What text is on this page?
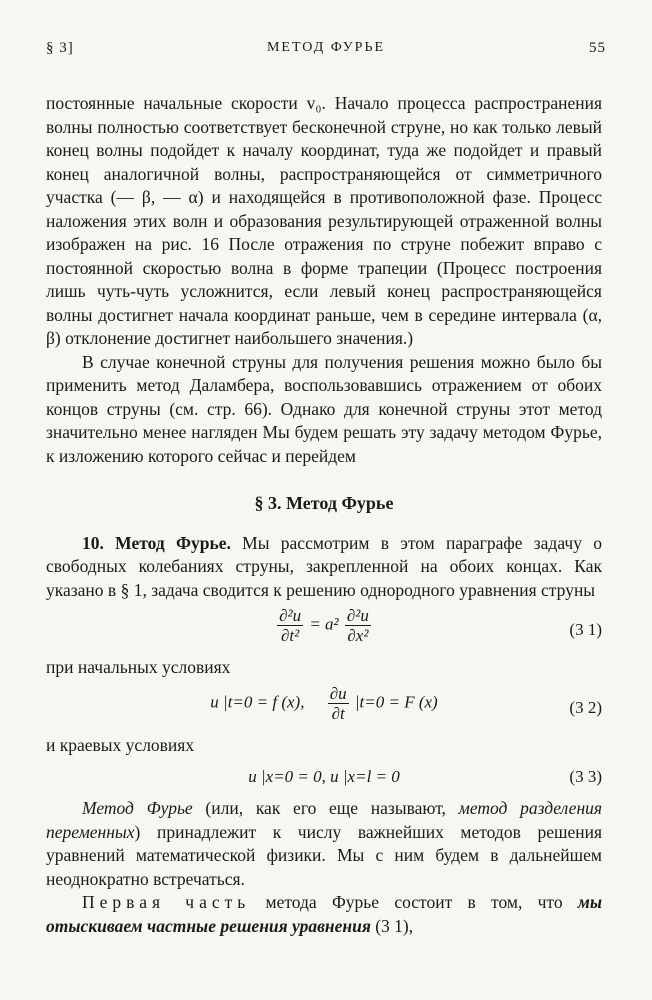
МЕТОД ФУРЬЕ
§ 3]	55

постоянные начальные скорости v₀. Начало процесса распространения волны полностью соответствует бесконечной струне, но как только левый конец волны подойдет к началу координат, туда же подойдет и правый конец аналогичной волны, распространяющейся от симметричного участка (— β, — α) и находящейся в противоположной фазе. Процесс наложения этих волн и образования результирующей отраженной волны изображен на рис. 16 После отражения по струне побежит вправо с постоянной скоростью волна в форме трапеции (Процесс построения лишь чуть-чуть усложнится, если левый конец распространяющейся волны достигнет начала координат раньше, чем в середине интервала (α, β) отклонение достигнет наибольшего значения.)

В случае конечной струны для получения решения можно было бы применить метод Даламбера, воспользовавшись отражением от обоих концов струны (см. стр. 66). Однако для конечной струны этот метод значительно менее нагляден Мы будем решать эту задачу методом Фурье, к изложению которого сейчас и перейдем

§ 3. Метод Фурье

10. Метод Фурье. Мы рассмотрим в этом параграфе задачу о свободных колебаниях струны, закрепленной на обоих концах. Как указано в § 1, задача сводится к решению однородного уравнения струны

$\frac{\text{∂²u}}{\text{∂t²}} = a^2 \frac{\text{∂²u}}{\text{∂x²}}$	(3 1)

при начальных условиях

u |t=0 = f (x), $\frac{\partial u}{\partial t} |t=0 = F$ (x)	(3 2)

и краевых условиях

u |x=0 = 0, u |x=l = 0	(3 3)

Метод Фурье (или, как его еще называют, метод разделения переменных) принадлежит к числу важнейших методов решения уравнений математической физики. Мы с ним будем в дальнейшем неоднократно встречаться.

Первая часть метода Фурье состоит в том, что мы отыскиваем частные решения уравнения (3 1),
